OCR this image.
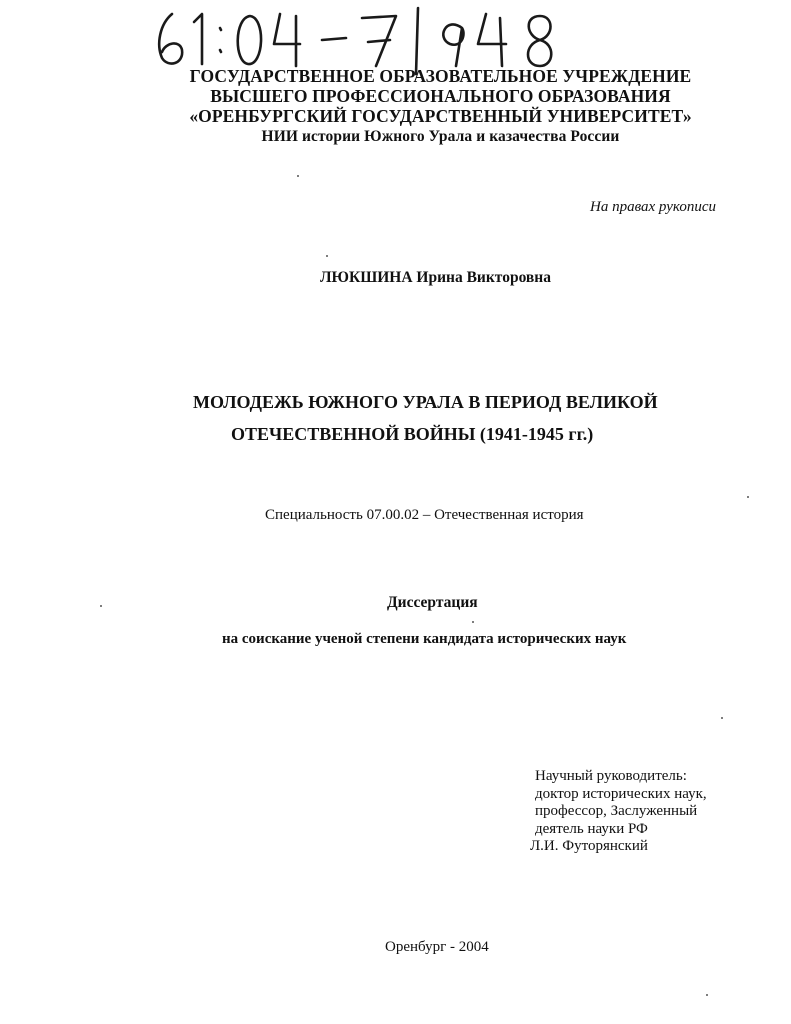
ГОСУДАРСТВЕННОЕ ОБРАЗОВАТЕЛЬНОЕ УЧРЕЖДЕНИЕ
ВЫСШЕГО ПРОФЕССИОНАЛЬНОГО ОБРАЗОВАНИЯ
«ОРЕНБУРГСКИЙ ГОСУДАРСТВЕННЫЙ УНИВЕРСИТЕТ»
НИИ истории Южного Урала и казачества России
На правах рукописи
ЛЮКШИНА Ирина Викторовна
МОЛОДЕЖЬ ЮЖНОГО УРАЛА В ПЕРИОД ВЕЛИКОЙ
ОТЕЧЕСТВЕННОЙ ВОЙНЫ (1941-1945 гг.)
Специальность 07.00.02 – Отечественная история
Диссертация
на соискание ученой степени кандидата исторических наук
Научный руководитель:
доктор исторических наук,
профессор, Заслуженный
деятель науки РФ
Л.И. Футорянский
Оренбург - 2004
